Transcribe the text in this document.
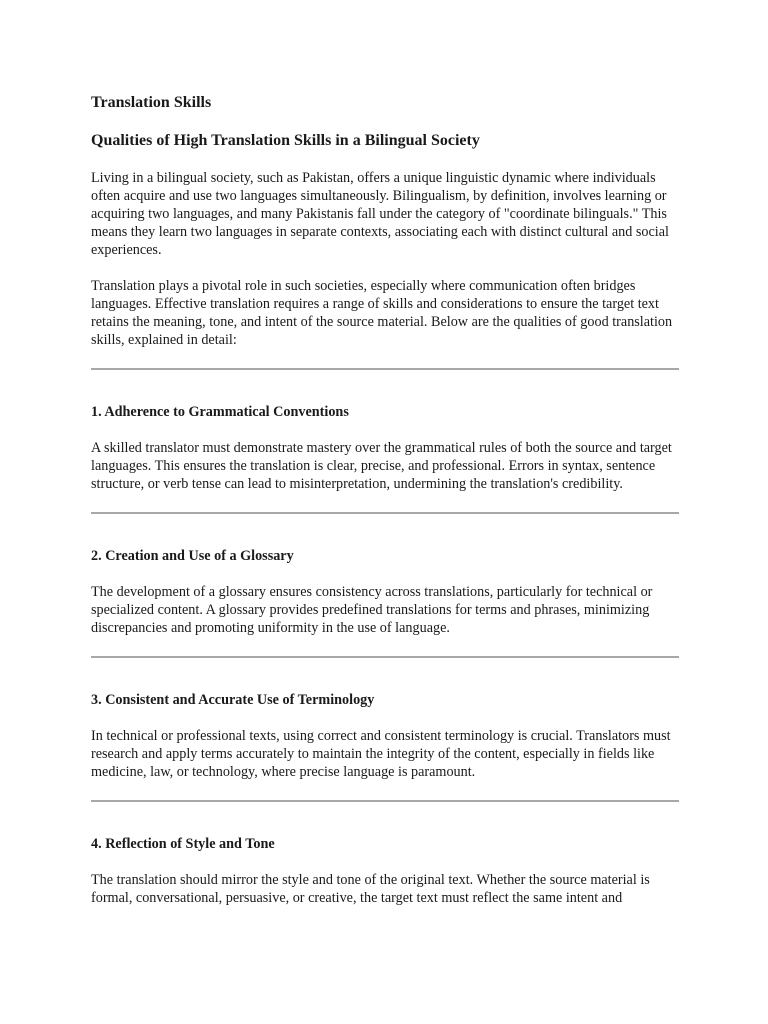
Translation Skills
Qualities of High Translation Skills in a Bilingual Society

Living in a bilingual society, such as Pakistan, offers a unique linguistic dynamic where individuals often acquire and use two languages simultaneously. Bilingualism, by definition, involves learning or acquiring two languages, and many Pakistanis fall under the category of "coordinate bilinguals." This means they learn two languages in separate contexts, associating each with distinct cultural and social experiences.

Translation plays a pivotal role in such societies, especially where communication often bridges languages. Effective translation requires a range of skills and considerations to ensure the target text retains the meaning, tone, and intent of the source material. Below are the qualities of good translation skills, explained in detail:

1. Adherence to Grammatical Conventions

A skilled translator must demonstrate mastery over the grammatical rules of both the source and target languages. This ensures the translation is clear, precise, and professional. Errors in syntax, sentence structure, or verb tense can lead to misinterpretation, undermining the translation's credibility.

2. Creation and Use of a Glossary

The development of a glossary ensures consistency across translations, particularly for technical or specialized content. A glossary provides predefined translations for terms and phrases, minimizing discrepancies and promoting uniformity in the use of language.

3. Consistent and Accurate Use of Terminology

In technical or professional texts, using correct and consistent terminology is crucial. Translators must research and apply terms accurately to maintain the integrity of the content, especially in fields like medicine, law, or technology, where precise language is paramount.

4. Reflection of Style and Tone

The translation should mirror the style and tone of the original text. Whether the source material is formal, conversational, persuasive, or creative, the target text must reflect the same intent and
